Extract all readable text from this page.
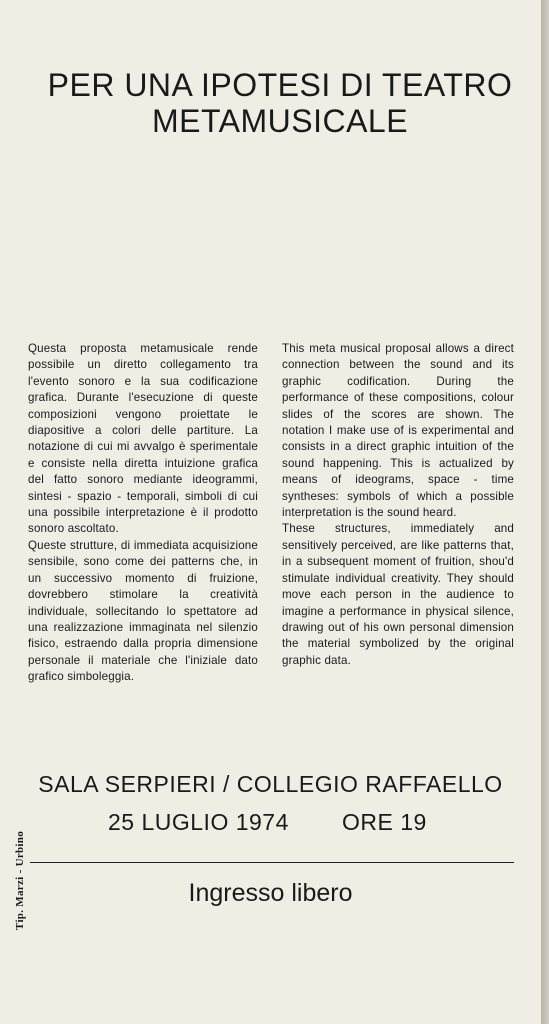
PER UNA IPOTESI DI TEATRO
METAMUSICALE

Questa proposta metamusicale rende possibile un diretto collegamento tra l'evento sonoro e la sua codificazione grafica. Durante l'esecuzione di queste composizioni vengono proiettate le diapositive a colori delle partiture. La notazione di cui mi avvalgo è sperimentale e consiste nella diretta intuizione grafica del fatto sonoro mediante ideogrammi, sintesi - spazio - temporali, simboli di cui una possibile interpretazione è il prodotto sonoro ascoltato.

Queste strutture, di immediata acquisizione sensibile, sono come dei patterns che, in un successivo momento di fruizione, dovrebbero stimolare la creatività individuale, sollecitando lo spettatore ad una realizzazione immaginata nel silenzio fisico, estraendo dalla propria dimensione personale il materiale che l'iniziale dato grafico simboleggia.

This meta musical proposal allows a direct connection between the sound and its graphic codification. During the performance of these compositions, colour slides of the scores are shown. The notation I make use of is experimental and consists in a direct graphic intuition of the sound happening. This is actualized by means of ideograms, space - time syntheses: symbols of which a possible interpretation is the sound heard.

These structures, immediately and sensitively perceived, are like patterns that, in a subsequent moment of fruition, shou'd stimulate individual creativity. They should move each person in the audience to imagine a performance in physical silence, drawing out of his own personal dimension the material symbolized by the original graphic data.

SALA SERPIERI / COLLEGIO RAFFAELLO
25 LUGLIO 1974 ORE 19
Ingresso libero
Tip. Marzi - Urbino
